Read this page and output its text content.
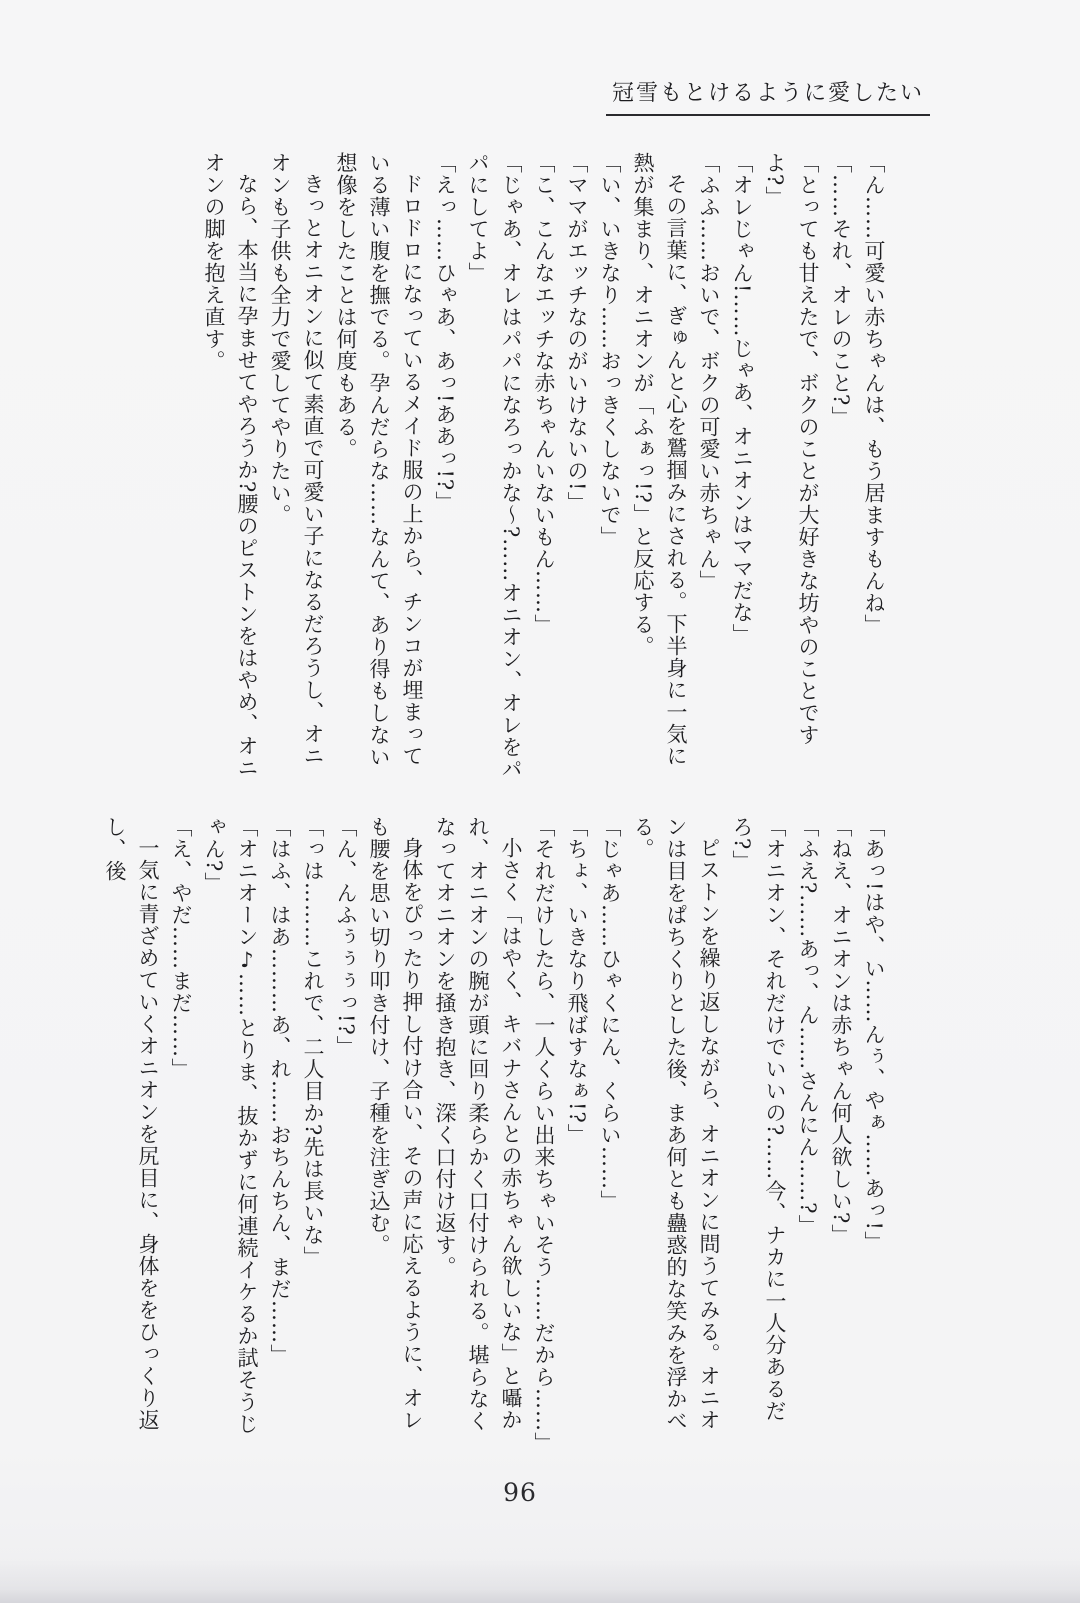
冠雪もとけるように愛したい

「ん……可愛い赤ちゃんは、もう居ますもんね」

「……それ、オレのこと?」

「とっても甘えたで、ボクのことが大好きな坊やのことですよ?」

「オレじゃん!……じゃあ、オニオンはママだな」

「ふふ……おいで、ボクの可愛い赤ちゃん」

その言葉に、ぎゅんと心を鷲掴みにされる。下半身に一気に熱が集まり、オニオンが「ふぁっ!?」と反応する。

「い、いきなり……おっきくしないで」

「ママがエッチなのがいけないの!」

「こ、こんなエッチな赤ちゃんいないもん……」

「じゃあ、オレはパパになろっかな〜?……オニオン、オレをパパにしてよ」

「えっ……ひゃあ、あっ!ああっ!?」

ドロドロになっているメイド服の上から、チンコが埋まっている薄い腹を撫でる。孕んだらな……なんて、あり得もしない想像をしたことは何度もある。

きっとオニオンに似て素直で可愛い子になるだろうし、オニオンも子供も全力で愛してやりたい。

なら、本当に孕ませてやろうか?腰のピストンをはやめ、オニオンの脚を抱え直す。

「あっ!はや、い……んぅ、やぁ……あっ!」

「ねえ、オニオンは赤ちゃん何人欲しい?」

「ふえ?……あっ、ん……さんにん……?」

「オニオン、それだけでいいの?……今、ナカに一人分あるだろ?」

ピストンを繰り返しながら、オニオンに問うてみる。オニオンは目をぱちくりとした後、まあ何とも蠱惑的な笑みを浮かべる。

「じゃあ……ひゃくにん、くらい……」

「ちょ、いきなり飛ばすなぁ!?」

「それだけしたら、一人くらい出来ちゃいそう……だから……」

小さく「はやく、キバナさんとの赤ちゃん欲しいな」と囁かれ、オニオンの腕が頭に回り柔らかく口付けられる。堪らなくなってオニオンを掻き抱き、深く口付け返す。

身体をぴったり押し付け合い、その声に応えるように、オレも腰を思い切り叩き付け、子種を注ぎ込む。

「ん、んふぅぅぅっ!?」

「っは………これで、二人目か?先は長いな」

「はふ、はあ………あ、れ……おちんちん、まだ……」

「オニオーン♪……とりま、抜かずに何連続イケるか試そうじゃん?」

「え、やだ……まだ……」

一気に青ざめていくオニオンを尻目に、身体ををひっくり返し、後

96
